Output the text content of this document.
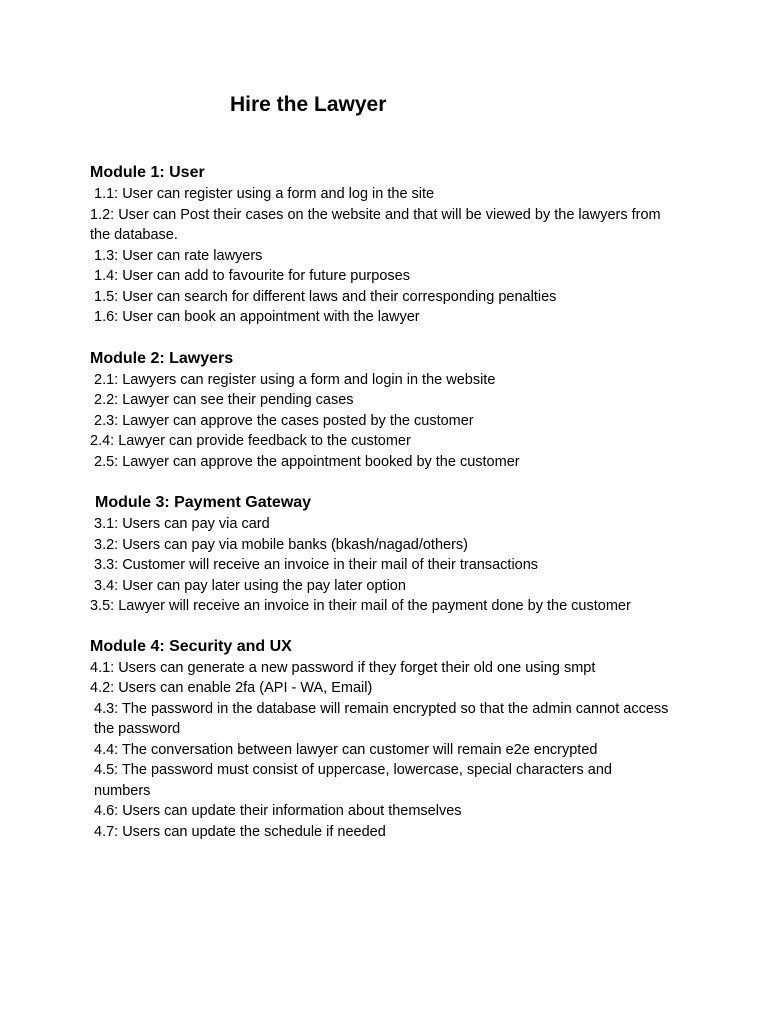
Hire the Lawyer
Module 1: User

1.1: User can register using a form and log in the site

1.2: User can Post their cases on the website and that will be viewed by the lawyers from the database.

1.3: User can rate lawyers

1.4: User can add to favourite for future purposes

1.5: User can search for different laws and their corresponding penalties

1.6: User can book an appointment with the lawyer

Module 2: Lawyers

2.1: Lawyers can register using a form and login in the website

2.2: Lawyer can see their pending cases

2.3: Lawyer can approve the cases posted by the customer

2.4: Lawyer can provide feedback to the customer

2.5: Lawyer can approve the appointment booked by the customer

Module 3: Payment Gateway

3.1: Users can pay via card

3.2: Users can pay via mobile banks (bkash/nagad/others)

3.3: Customer will receive an invoice in their mail of their transactions

3.4: User can pay later using the pay later option

3.5: Lawyer will receive an invoice in their mail of the payment done by the customer

Module 4: Security and UX

4.1: Users can generate a new password if they forget their old one using smpt

4.2: Users can enable 2fa (API - WA, Email)

4.3: The password in the database will remain encrypted so that the admin cannot access the password

4.4: The conversation between lawyer can customer will remain e2e encrypted

4.5: The password must consist of uppercase, lowercase, special characters and numbers

4.6: Users can update their information about themselves

4.7: Users can update the schedule if needed
